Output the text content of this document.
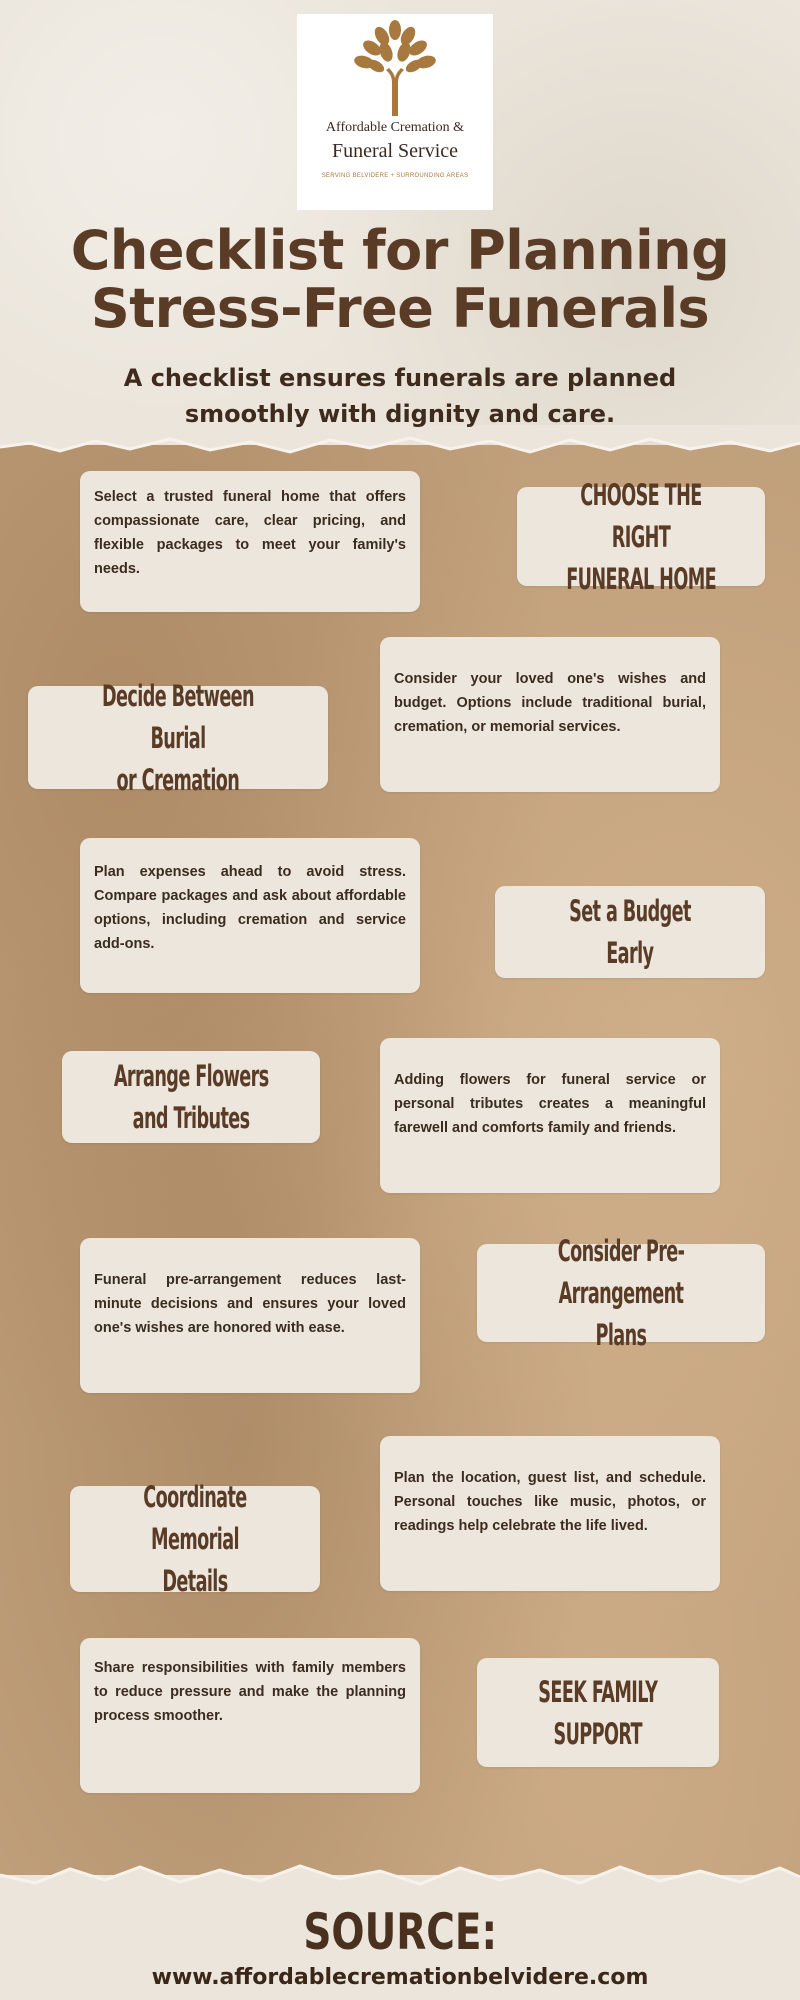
Affordable Cremation &
Funeral Service
SERVING BELVIDERE + SURROUNDING AREAS
Checklist for Planning
Stress-Free Funerals

A checklist ensures funerals are planned
smoothly with dignity and care.

Select a trusted funeral home that offers compassionate care, clear pricing, and flexible packages to meet your family's needs.
CHOOSE THE RIGHT
FUNERAL HOME
Decide Between Burial
or Cremation
Consider your loved one's wishes and budget. Options include traditional burial, cremation, or memorial services.
Plan expenses ahead to avoid stress. Compare packages and ask about affordable options, including cremation and service add-ons.
Set a Budget
Early
Arrange Flowers
and Tributes
Adding flowers for funeral service or personal tributes creates a meaningful farewell and comforts family and friends.
Funeral pre-arrangement reduces last-minute decisions and ensures your loved one's wishes are honored with ease.
Consider Pre-
Arrangement Plans
Coordinate
Memorial Details
Plan the location, guest list, and schedule. Personal touches like music, photos, or readings help celebrate the life lived.
Share responsibilities with family members to reduce pressure and make the planning process smoother.
SEEK FAMILY
SUPPORT
SOURCE:
www.affordablecremationbelvidere.com
